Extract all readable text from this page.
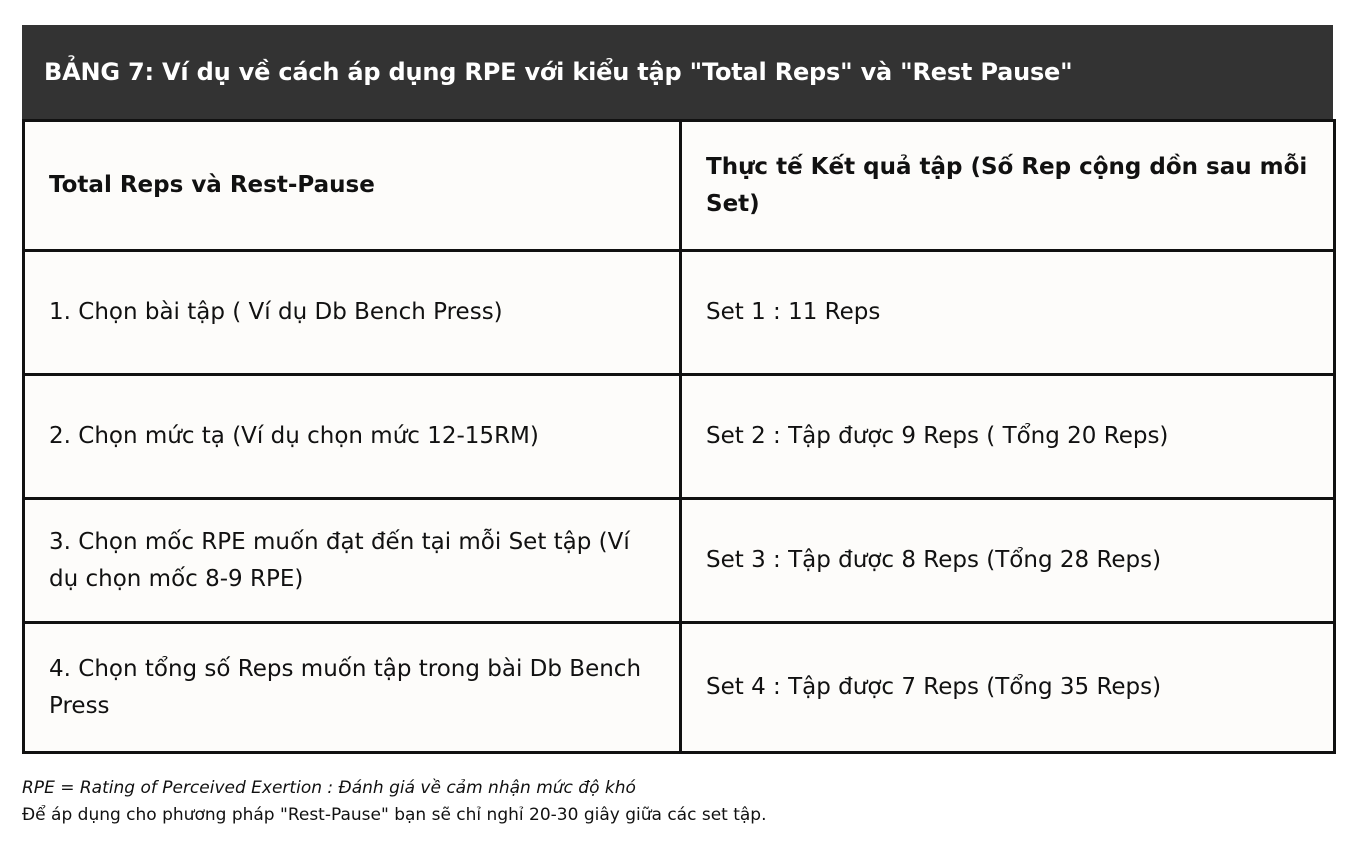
BẢNG 7: Ví dụ về cách áp dụng RPE với kiểu tập "Total Reps" và "Rest Pause"
Total Reps và Rest-Pause	Thực tế Kết quả tập (Số Rep cộng dồn sau mỗi Set)
1. Chọn bài tập ( Ví dụ Db Bench Press)	Set 1 : 11 Reps
2. Chọn mức tạ (Ví dụ chọn mức 12-15RM)	Set 2 : Tập được 9 Reps ( Tổng 20 Reps)
3. Chọn mốc RPE muốn đạt đến tại mỗi Set tập (Ví dụ chọn mốc 8-9 RPE)	Set 3 : Tập được 8 Reps (Tổng 28 Reps)
4. Chọn tổng số Reps muốn tập trong bài Db Bench Press	Set 4 : Tập được 7 Reps (Tổng 35 Reps)
RPE = Rating of Perceived Exertion : Đánh giá về cảm nhận mức độ khó
Để áp dụng cho phương pháp "Rest-Pause" bạn sẽ chỉ nghỉ 20-30 giây giữa các set tập.
